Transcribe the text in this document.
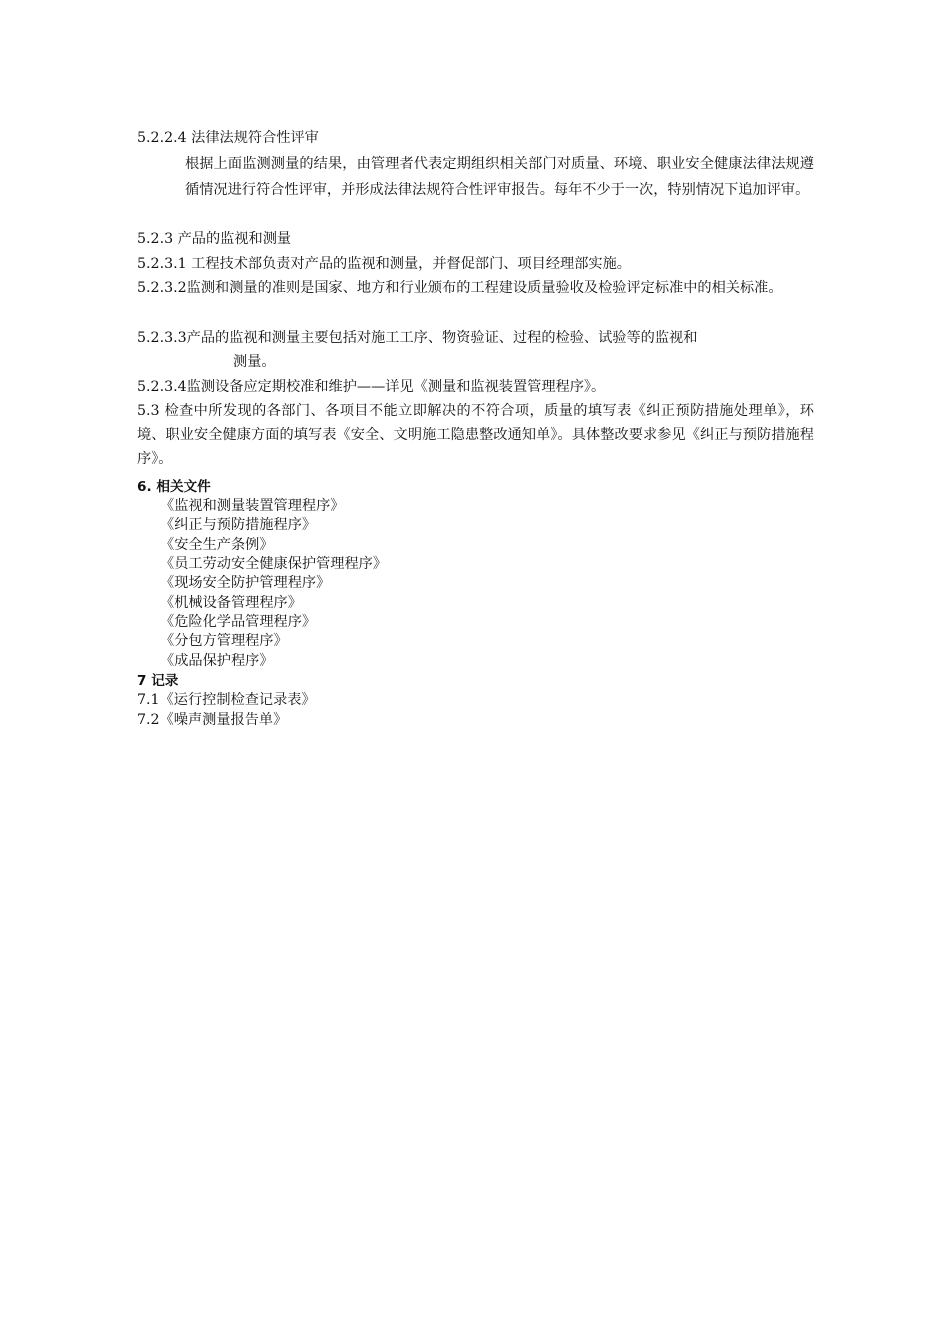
5.2.2.4 法律法规符合性评审
根据上面监测测量的结果，由管理者代表定期组织相关部门对质量、环境、职业安全健康法律法规遵循情况进行符合性评审，并形成法律法规符合性评审报告。每年不少于一次，特别情况下追加评审。
5.2.3 产品的监视和测量
5.2.3.1 工程技术部负责对产品的监视和测量，并督促部门、项目经理部实施。
5.2.3.2监测和测量的准则是国家、地方和行业颁布的工程建设质量验收及检验评定标准中的相关标准。
5.2.3.3产品的监视和测量主要包括对施工工序、物资验证、过程的检验、试验等的监视和
测量。
5.2.3.4监测设备应定期校准和维护——详见《测量和监视装置管理程序》。
5.3 检查中所发现的各部门、各项目不能立即解决的不符合项，质量的填写表《纠正预防措施处理单》，环境、职业安全健康方面的填写表《安全、文明施工隐患整改通知单》。具体整改要求参见《纠正与预防措施程序》。
6. 相关文件
《监视和测量装置管理程序》
《纠正与预防措施程序》
《安全生产条例》
《员工劳动安全健康保护管理程序》
《现场安全防护管理程序》
《机械设备管理程序》
《危险化学品管理程序》
《分包方管理程序》
《成品保护程序》
7 记录
7.1《运行控制检查记录表》
7.2《噪声测量报告单》
